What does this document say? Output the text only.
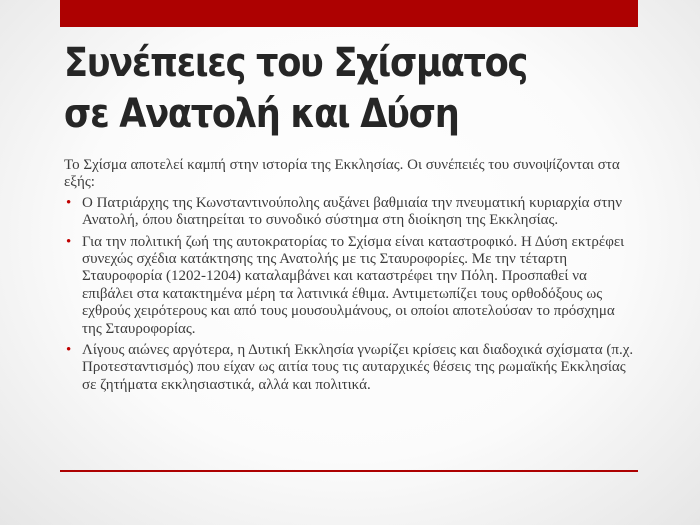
Συνέπειες του Σχίσματος
σε Ανατολή και Δύση

Το Σχίσμα αποτελεί καμπή στην ιστορία της Εκκλησίας. Οι συνέπειές του συνοψίζονται στα εξής:

• Ο Πατριάρχης της Κωνσταντινούπολης αυξάνει βαθμιαία την πνευματική κυριαρχία στην Ανατολή, όπου διατηρείται το συνοδικό σύστημα στη διοίκηση της Εκκλησίας.
• Για την πολιτική ζωή της αυτοκρατορίας το Σχίσμα είναι καταστροφικό. Η Δύση εκτρέφει συνεχώς σχέδια κατάκτησης της Ανατολής με τις Σταυροφορίες. Με την τέταρτη Σταυροφορία (1202-1204) καταλαμβάνει και καταστρέφει την Πόλη. Προσπαθεί να επιβάλει στα κατακτημένα μέρη τα λατινικά έθιμα. Αντιμετωπίζει τους ορθοδόξους ως εχθρούς χειρότερους και από τους μουσουλμάνους, οι οποίοι αποτελούσαν το πρόσχημα της Σταυροφορίας.
• Λίγους αιώνες αργότερα, η Δυτική Εκκλησία γνωρίζει κρίσεις και διαδοχικά σχίσματα (π.χ. Προτεσταντισμός) που είχαν ως αιτία τους τις αυταρχικές θέσεις της ρωμαϊκής Εκκλησίας σε ζητήματα εκκλησιαστικά, αλλά και πολιτικά.
